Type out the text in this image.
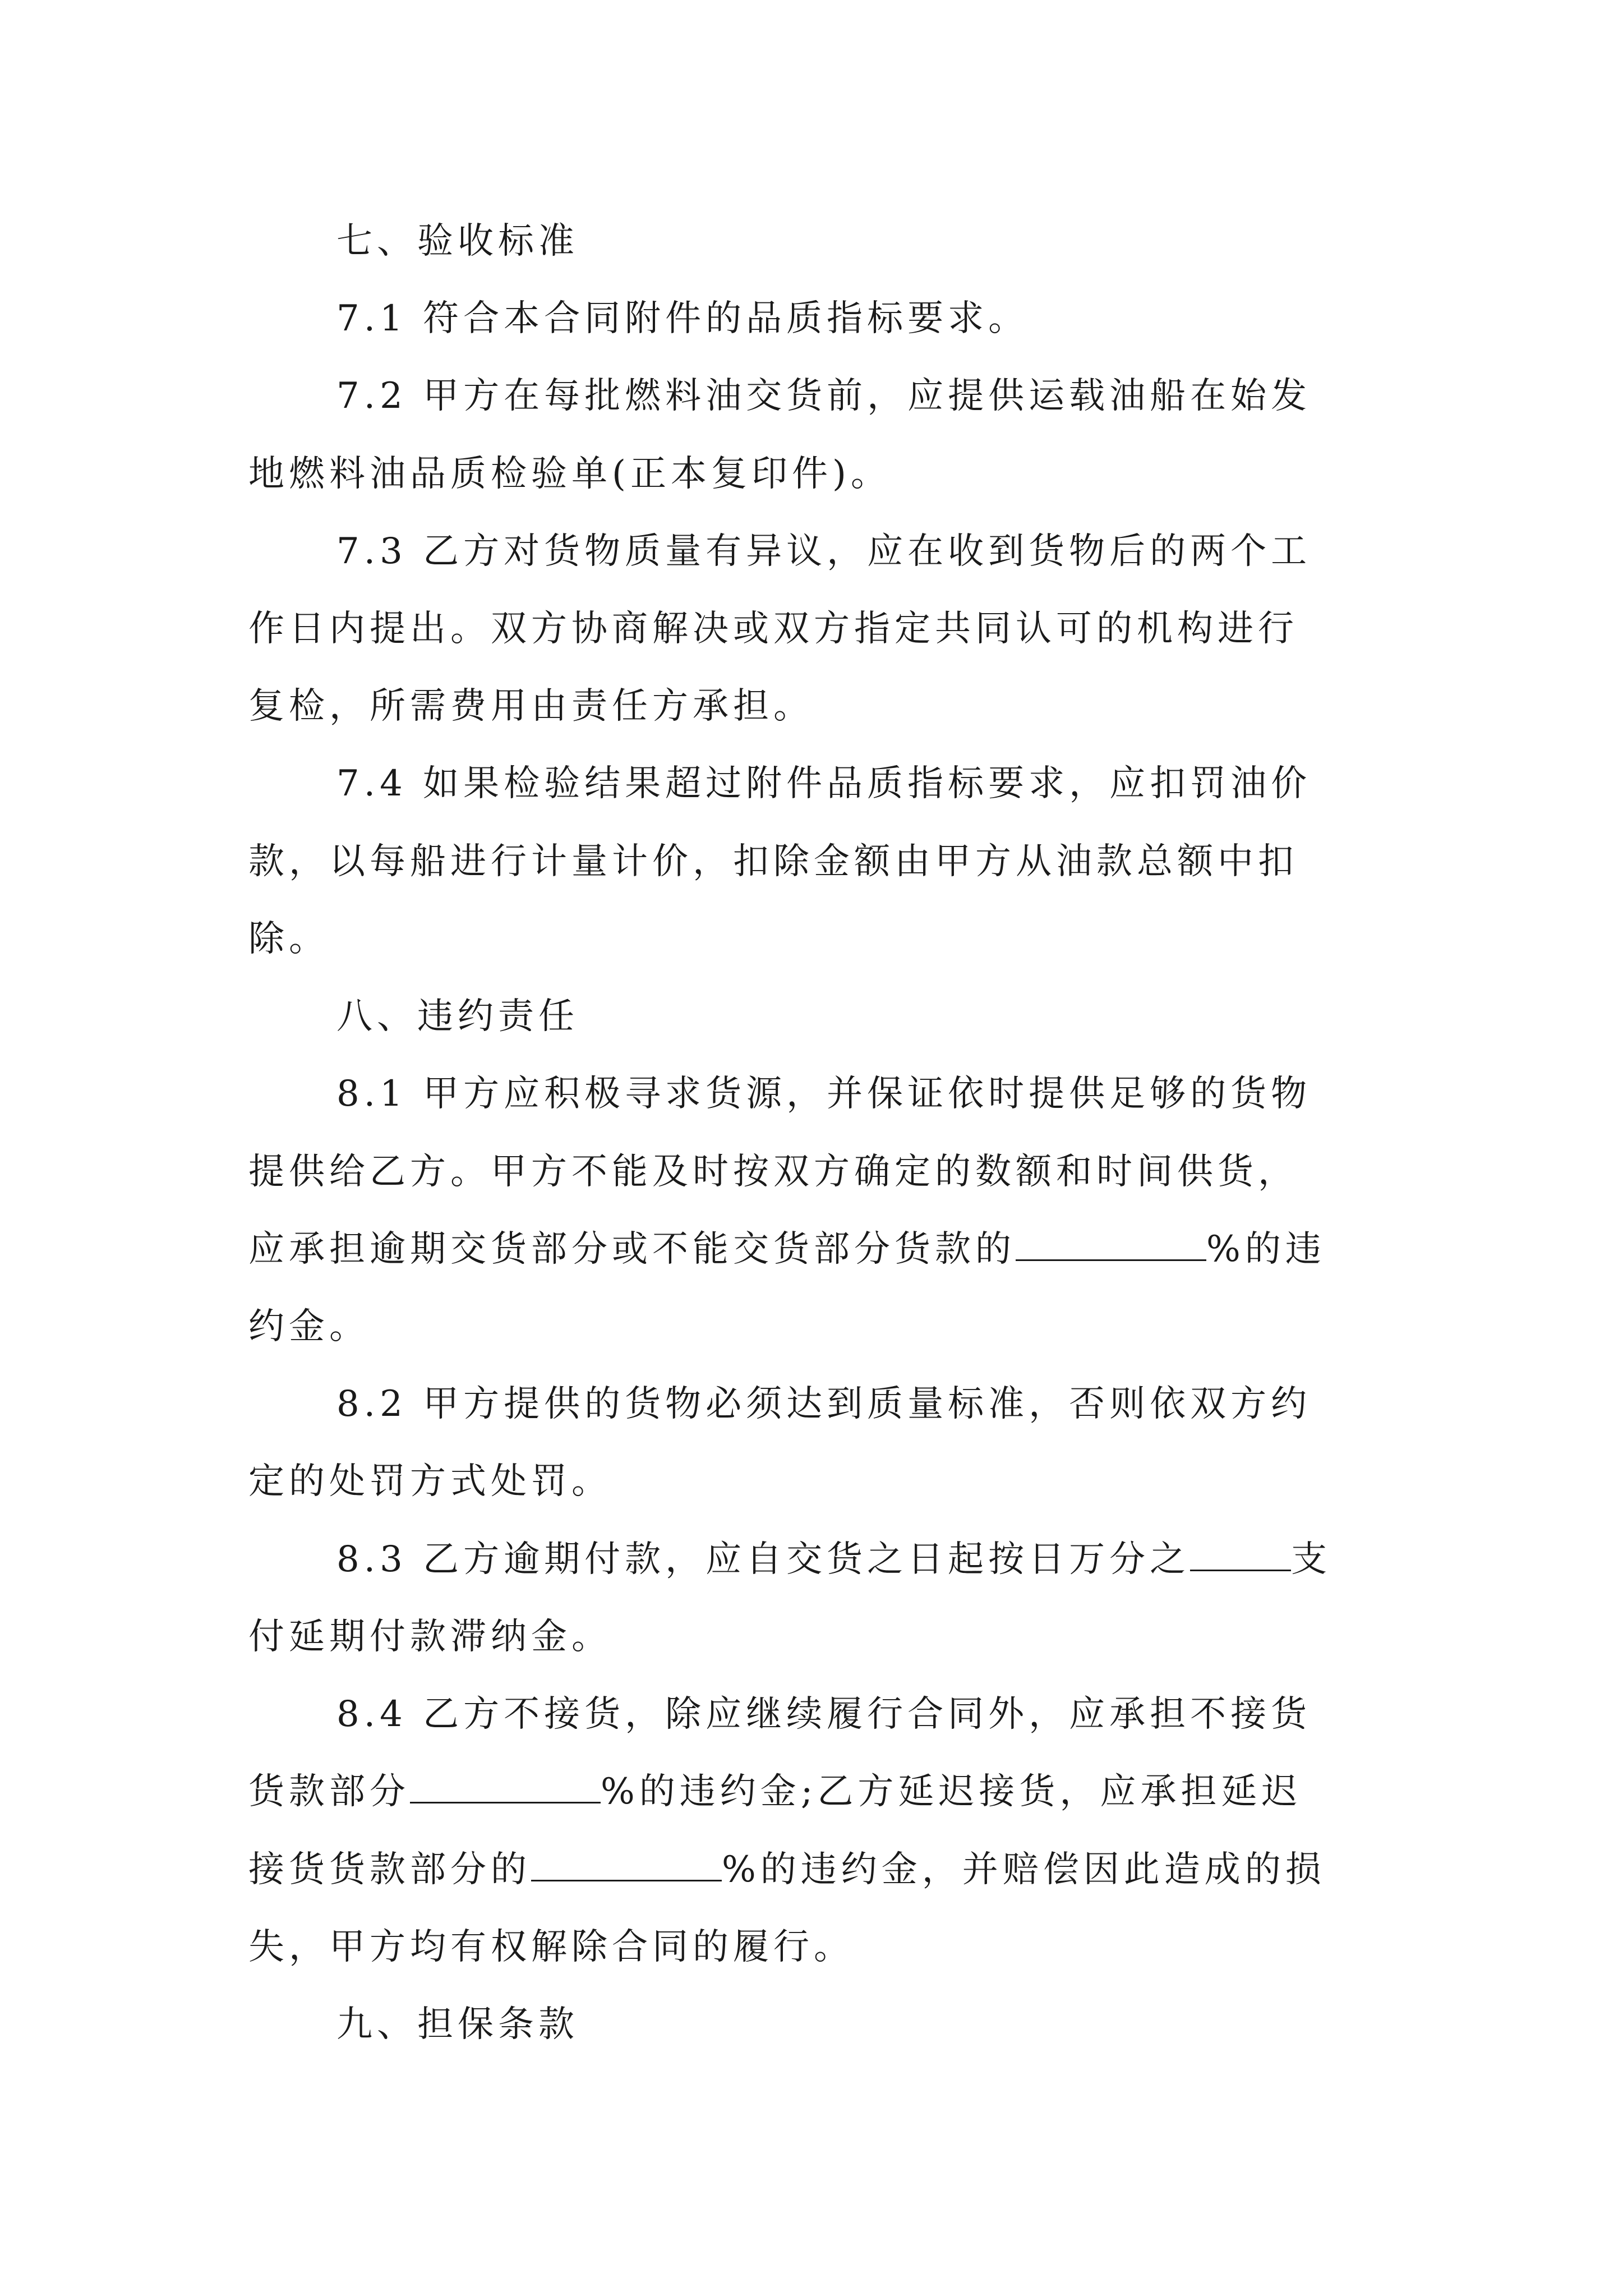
七、验收标准
7.1 符合本合同附件的品质指标要求。
7.2 甲方在每批燃料油交货前，应提供运载油船在始发
地燃料油品质检验单(正本复印件)。
7.3 乙方对货物质量有异议，应在收到货物后的两个工
作日内提出。双方协商解决或双方指定共同认可的机构进行
复检，所需费用由责任方承担。
7.4 如果检验结果超过附件品质指标要求，应扣罚油价
款，以每船进行计量计价，扣除金额由甲方从油款总额中扣
除。
八、违约责任
8.1 甲方应积极寻求货源，并保证依时提供足够的货物
提供给乙方。甲方不能及时按双方确定的数额和时间供货，
应承担逾期交货部分或不能交货部分货款的	%的违
约金。
8.2 甲方提供的货物必须达到质量标准，否则依双方约
定的处罚方式处罚。
8.3 乙方逾期付款，应自交货之日起按日万分之	支
付延期付款滞纳金。
8.4 乙方不接货，除应继续履行合同外，应承担不接货
货款部分	%的违约金;乙方延迟接货，应承担延迟
接货货款部分的	%的违约金，并赔偿因此造成的损
失，甲方均有权解除合同的履行。
九、担保条款
